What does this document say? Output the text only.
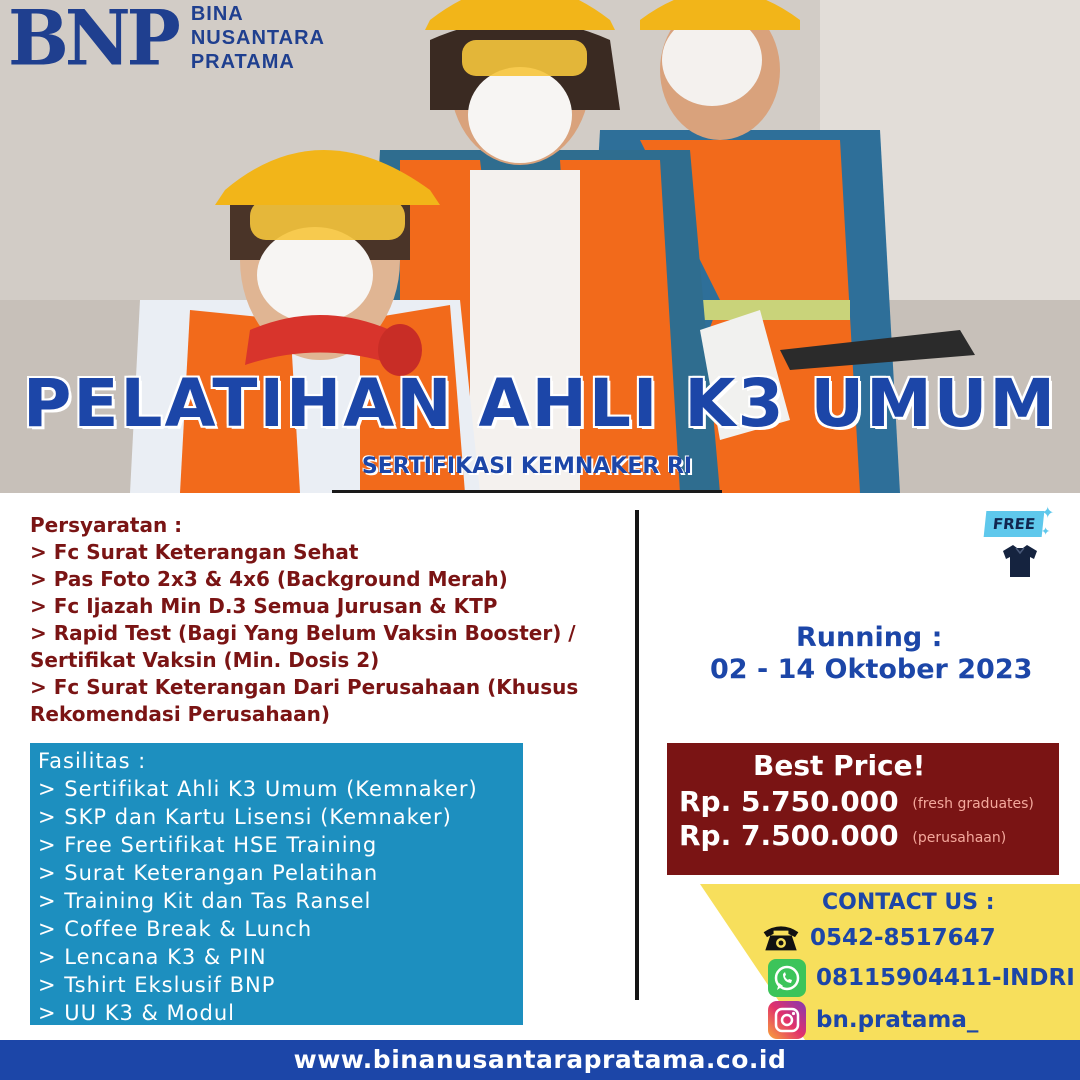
BNP BINA
NUSANTARA
PRATAMA
PELATIHAN AHLI K3 UMUM
SERTIFIKASI KEMNAKER RI
Persyaratan :
> Fc Surat Keterangan Sehat
> Pas Foto 2x3 & 4x6 (Background Merah)
> Fc Ijazah Min D.3 Semua Jurusan & KTP
> Rapid Test (Bagi Yang Belum Vaksin Booster) /
Sertifikat Vaksin (Min. Dosis 2)
> Fc Surat Keterangan Dari Perusahaan (Khusus
Rekomendasi Perusahaan)
Fasilitas :
> Sertifikat Ahli K3 Umum (Kemnaker)
> SKP dan Kartu Lisensi (Kemnaker)
> Free Sertifikat HSE Training
> Surat Keterangan Pelatihan
> Training Kit dan Tas Ransel
> Coffee Break & Lunch
> Lencana K3 & PIN
> Tshirt Ekslusif BNP
> UU K3 & Modul
FREE
✦
✦
Running :
02 - 14 Oktober 2023
Best Price!
Rp. 5.750.000 (fresh graduates)
Rp. 7.500.000 (perusahaan)
CONTACT US :
0542-8517647
08115904411-INDRI
bn.pratama_
www.binanusantarapratama.co.id
